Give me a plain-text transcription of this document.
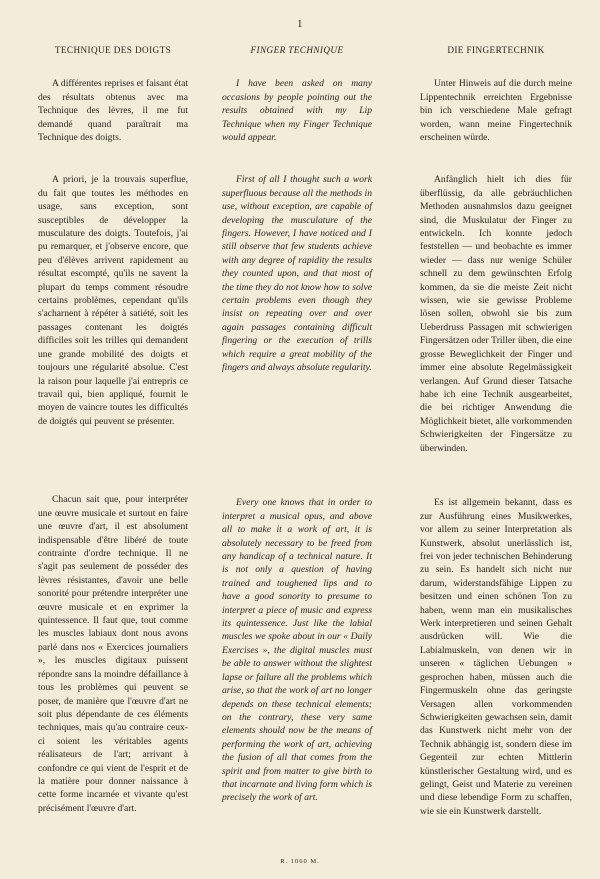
1
TECHNIQUE DES DOIGTS

A différentes reprises et faisant état des résultats obtenus avec ma Technique des lèvres, il me fut demandé quand paraîtrait ma Technique des doigts.

A priori, je la trouvais superflue, du fait que toutes les méthodes en usage, sans exception, sont susceptibles de développer la musculature des doigts. Toutefois, j'ai pu remarquer, et j'observe encore, que peu d'élèves arrivent rapidement au résultat escompté, qu'ils ne savent la plupart du temps comment résoudre certains problèmes, cependant qu'ils s'acharnent à répéter à satiété, soit les passages contenant les doigtés difficiles soit les trilles qui demandent une grande mobilité des doigts et toujours une régularité absolue. C'est la raison pour laquelle j'ai entrepris ce travail qui, bien appliqué, fournit le moyen de vaincre toutes les difficultés de doigtés qui peuvent se présenter.

Chacun sait que, pour interpréter une œuvre musicale et surtout en faire une œuvre d'art, il est absolument indispensable d'être libéré de toute contrainte d'ordre technique. Il ne s'agit pas seulement de posséder des lèvres résistantes, d'avoir une belle sonorité pour prétendre interpréter une œuvre musicale et en exprimer la quintessence. Il faut que, tout comme les muscles labiaux dont nous avons parlé dans nos « Exercices journaliers », les muscles digitaux puissent répondre sans la moindre défaillance à tous les problèmes qui peuvent se poser, de manière que l'œuvre d'art ne soit plus dépendante de ces éléments techniques, mais qu'au contraire ceux-ci soient les véritables agents réalisateurs de l'art; arrivant à confondre ce qui vient de l'esprit et de la matière pour donner naissance à cette forme incarnée et vivante qu'est précisément l'œuvre d'art.

FINGER TECHNIQUE

I have been asked on many occasions by people pointing out the results obtained with my Lip Technique when my Finger Technique would appear.

First of all I thought such a work superfluous because all the methods in use, without exception, are capable of developing the musculature of the fingers. However, I have noticed and I still observe that few students achieve with any degree of rapidity the results they counted upon, and that most of the time they do not know how to solve certain problems even though they insist on repeating over and over again passages containing difficult fingering or the execution of trills which require a great mobility of the fingers and always absolute regularity.

Every one knows that in order to interpret a musical opus, and above all to make it a work of art, it is absolutely necessary to be freed from any handicap of a technical nature. It is not only a question of having trained and toughened lips and to have a good sonority to presume to interpret a piece of music and express its quintessence. Just like the labial muscles we spoke about in our « Daily Exercises », the digital muscles must be able to answer without the slightest lapse or failure all the problems which arise, so that the work of art no longer depends on these technical elements; on the contrary, these very same elements should now be the means of performing the work of art, achieving the fusion of all that comes from the spirit and from matter to give birth to that incarnate and living form which is precisely the work of art.

DIE FINGERTECHNIK

Unter Hinweis auf die durch meine Lippentechnik erreichten Ergebnisse bin ich verschiedene Male gefragt worden, wann meine Fingertechnik erscheinen würde.

Anfänglich hielt ich dies für überflüssig, da alle gebräuchlichen Methoden ausnahmslos dazu geeignet sind, die Muskulatur der Finger zu entwickeln. Ich konnte jedoch feststellen — und beobachte es immer wieder — dass nur wenige Schüler schnell zu dem gewünschten Erfolg kommen, da sie die meiste Zeit nicht wissen, wie sie gewisse Probleme lösen sollen, obwohl sie bis zum Ueberdruss Passagen mit schwierigen Fingersätzen oder Triller üben, die eine grosse Beweglichkeit der Finger und immer eine absolute Regelmässigkeit verlangen. Auf Grund dieser Tatsache habe ich eine Technik ausgearbeitet, die bei richtiger Anwendung die Möglichkeit bietet, alle vorkommenden Schwierigkeiten der Fingersätze zu überwinden.

Es ist allgemein bekannt, dass es zur Ausführung eines Musikwerkes, vor allem zu seiner Interpretation als Kunstwerk, absolut unerlässlich ist, frei von jeder technischen Behinderung zu sein. Es handelt sich nicht nur darum, widerstandsfähige Lippen zu besitzen und einen schönen Ton zu haben, wenn man ein musikalisches Werk interpretieren und seinen Gehalt ausdrücken will. Wie die Labialmuskeln, von denen wir in unseren « täglichen Uebungen » gesprochen haben, müssen auch die Fingermuskeln ohne das geringste Versagen allen vorkommenden Schwierigkeiten gewachsen sein, damit das Kunstwerk nicht mehr von der Technik abhängig ist, sondern diese im Gegenteil zur echten Mittlerin künstlerischer Gestaltung wird, und es gelingt, Geist und Materie zu vereinen und diese lebendige Form zu schaffen, wie sie ein Kunstwerk darstellt.

R. 1060 M.
